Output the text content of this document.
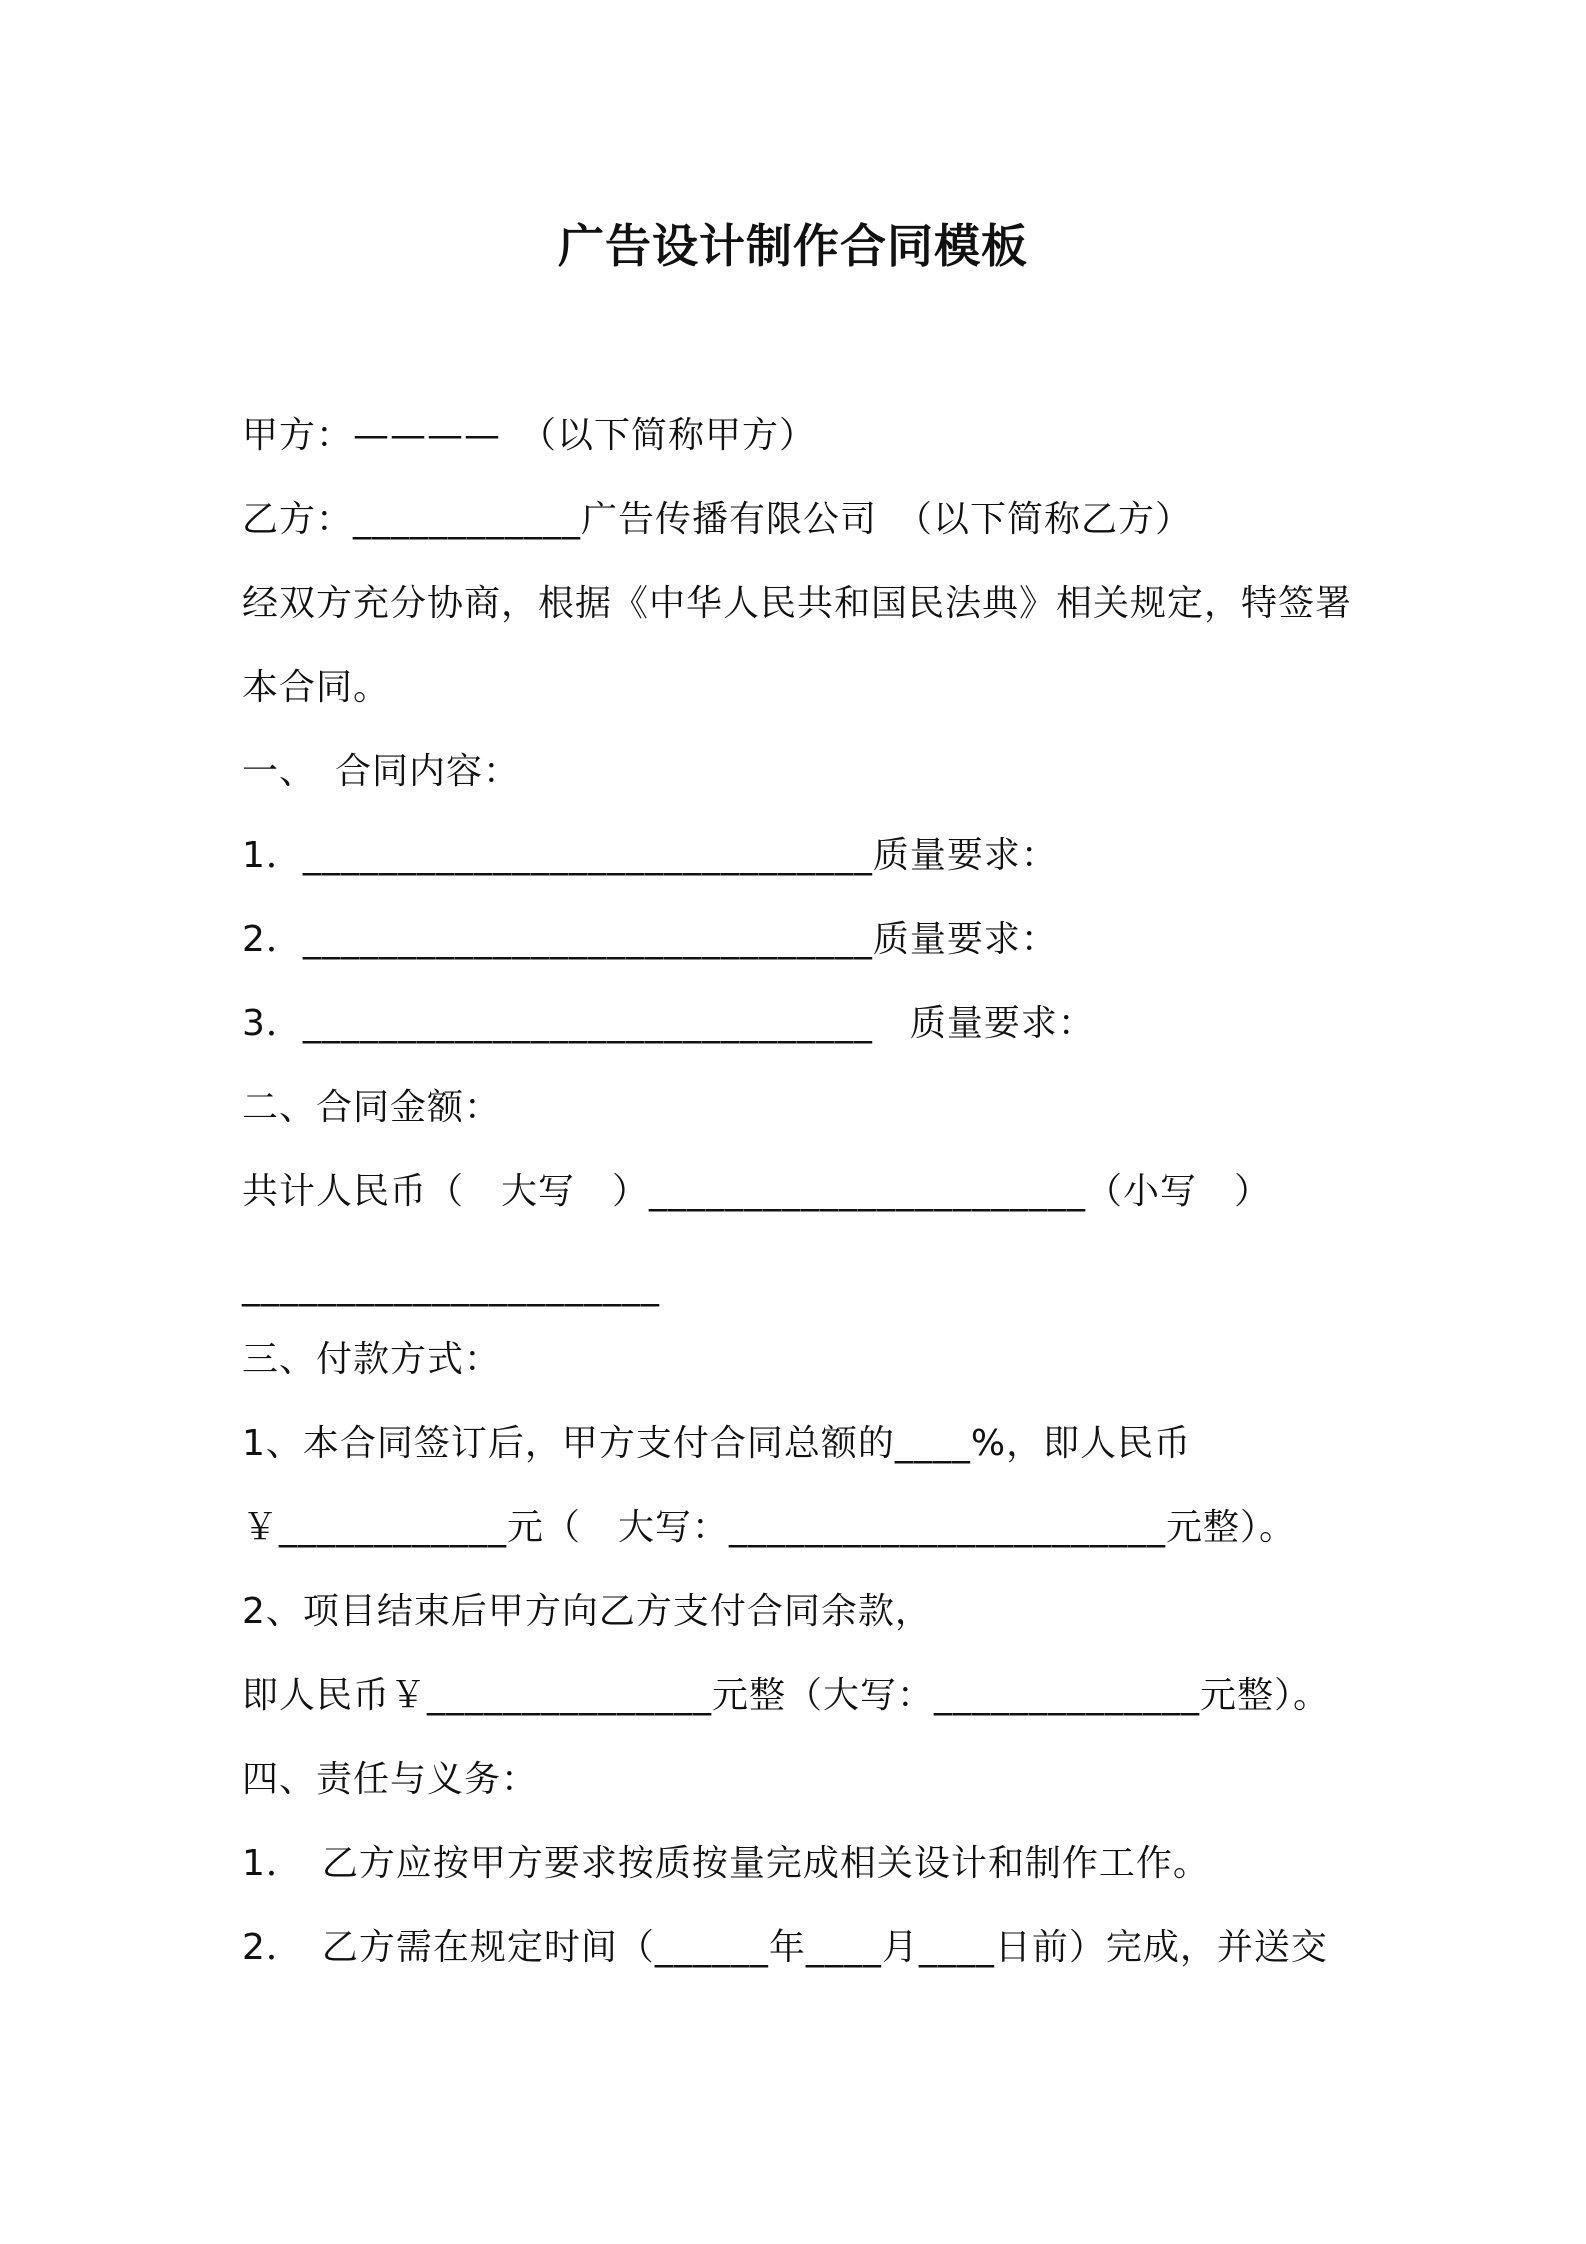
广告设计制作合同模板
甲方：————　（以下简称甲方）
乙方：____________广告传播有限公司　（以下简称乙方）
经双方充分协商，根据《中华人民共和国民法典》相关规定，特签署
本合同。
一、　合同内容：
1．______________________________质量要求：
2．______________________________质量要求：
3．______________________________　质量要求：
二、合同金额：
共计人民币（　大写　）_______________________（小写　）
______________________
三、付款方式：
1、本合同签订后，甲方支付合同总额的____%，即人民币
￥____________元（　大写：_______________________元整）。
2、项目结束后甲方向乙方支付合同余款，
即人民币￥_______________元整（大写：______________元整）。
四、责任与义务：
1．　乙方应按甲方要求按质按量完成相关设计和制作工作。
2．　乙方需在规定时间（______年____月____日前）完成，并送交
